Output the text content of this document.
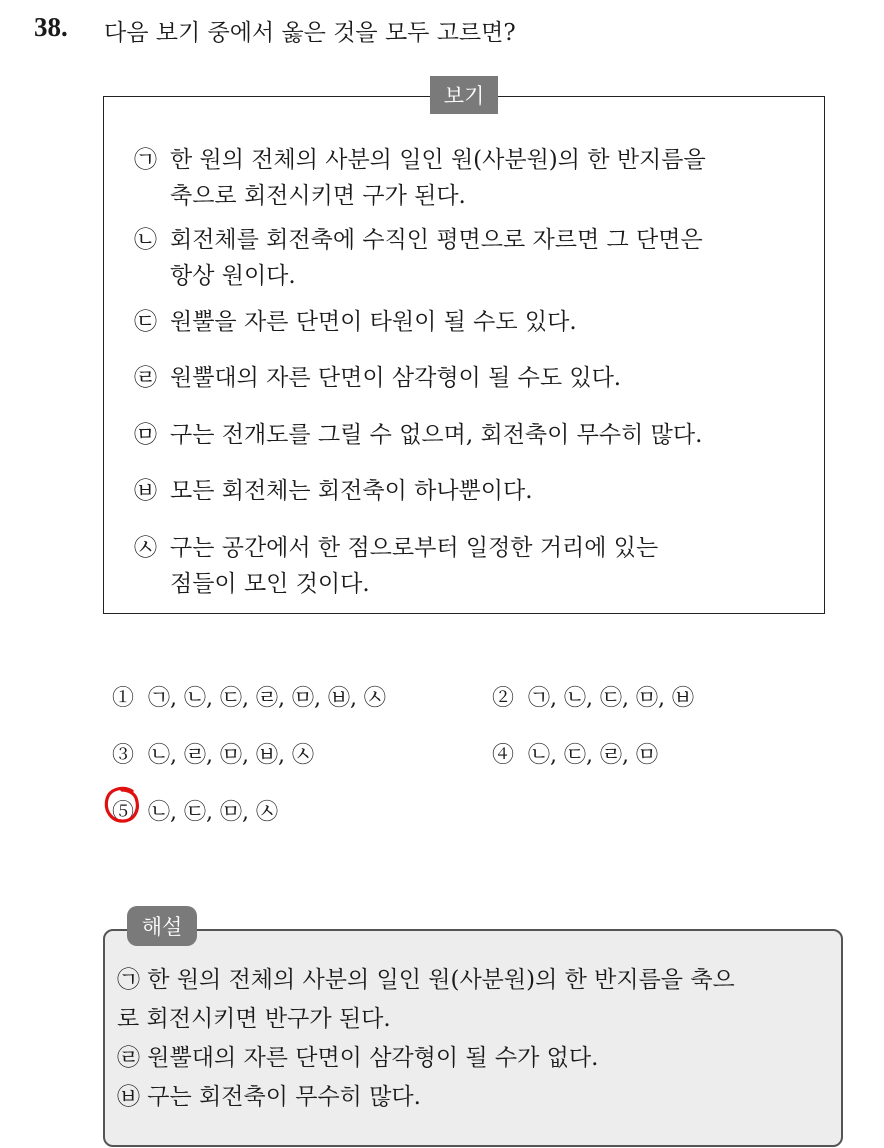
38. 다음 보기 중에서 옳은 것을 모두 고르면?
보기
㉠ 한 원의 전체의 사분의 일인 원(사분원)의 한 반지름을
축으로 회전시키면 구가 된다.
㉡ 회전체를 회전축에 수직인 평면으로 자르면 그 단면은
항상 원이다.
㉢ 원뿔을 자른 단면이 타원이 될 수도 있다.
㉣ 원뿔대의 자른 단면이 삼각형이 될 수도 있다.
㉤ 구는 전개도를 그릴 수 없으며, 회전축이 무수히 많다.
㉥ 모든 회전체는 회전축이 하나뿐이다.
㉦ 구는 공간에서 한 점으로부터 일정한 거리에 있는
점들이 모인 것이다.
① ㉠, ㉡, ㉢, ㉣, ㉤, ㉥, ㉦	② ㉠, ㉡, ㉢, ㉤, ㉥
③ ㉡, ㉣, ㉤, ㉥, ㉦	④ ㉡, ㉢, ㉣, ㉤
⑤ ㉡, ㉢, ㉤, ㉦
해설
㉠ 한 원의 전체의 사분의 일인 원(사분원)의 한 반지름을 축으
로 회전시키면 반구가 된다.
㉣ 원뿔대의 자른 단면이 삼각형이 될 수가 없다.
㉥ 구는 회전축이 무수히 많다.
